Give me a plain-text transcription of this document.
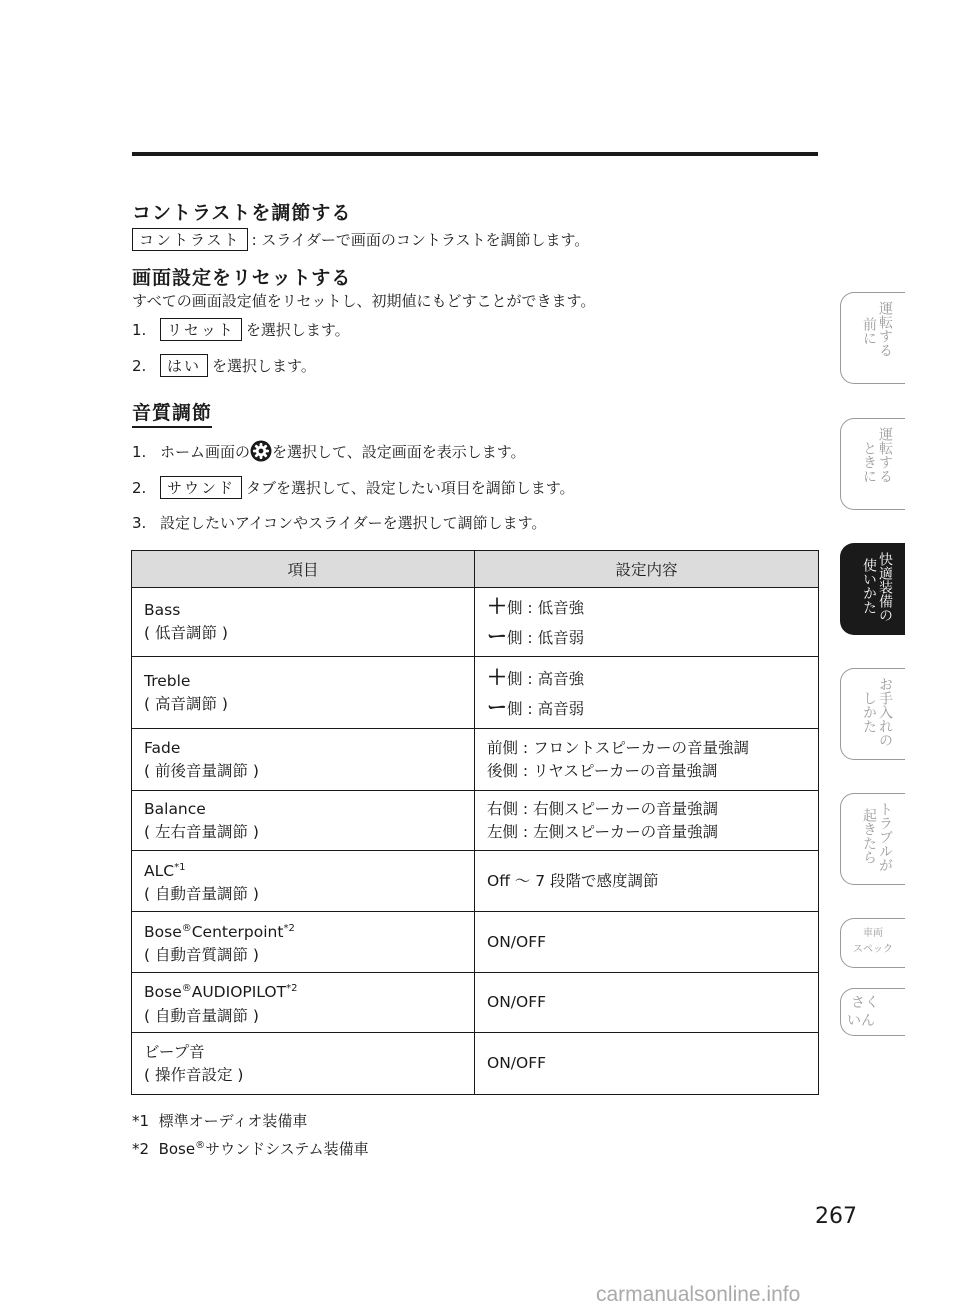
コントラストを調節する
コントラスト : スライダーで画面のコントラストを調節します。
画面設定をリセットする
すべての画面設定値をリセットし、初期値にもどすことができます。
1. リセット を選択します。
2. はい を選択します。
音質調節
1. ホーム画面の を選択して、設定画面を表示します。
2. サウンド タブを選択して、設定したい項目を調節します。
3. 設定したいアイコンやスライダーを選択して調節します。
項目	設定内容
Bass
( 低音調節 )	＋側 : 低音強
ー側 : 低音弱
Treble
( 高音調節 )	＋側 : 高音強
ー側 : 高音弱
Fade
( 前後音量調節 )	前側 : フロントスピーカーの音量強調
後側 : リヤスピーカーの音量強調
Balance
( 左右音量調節 )	右側 : 右側スピーカーの音量強調
左側 : 左側スピーカーの音量強調
ALC$^{*1}$
( 自動音量調節 )	Off 〜 7 段階で感度調節
Bose®Centerpoint$^{*2}$
( 自動音質調節 )	ON/OFF
Bose®AUDIOPILOT$^{*2}$
( 自動音量調節 )	ON/OFF
ビープ音
( 操作音設定 )	ON/OFF
*1 標準オーディオ装備車
*2 Bose®サウンドシステム装備車
267
carmanualsonline.info
前に 運転する
ときに 運転する
使いかた 快適装備の
しかた お手入れの
起きたら トラブルが
車両
スペック
いん
さく
